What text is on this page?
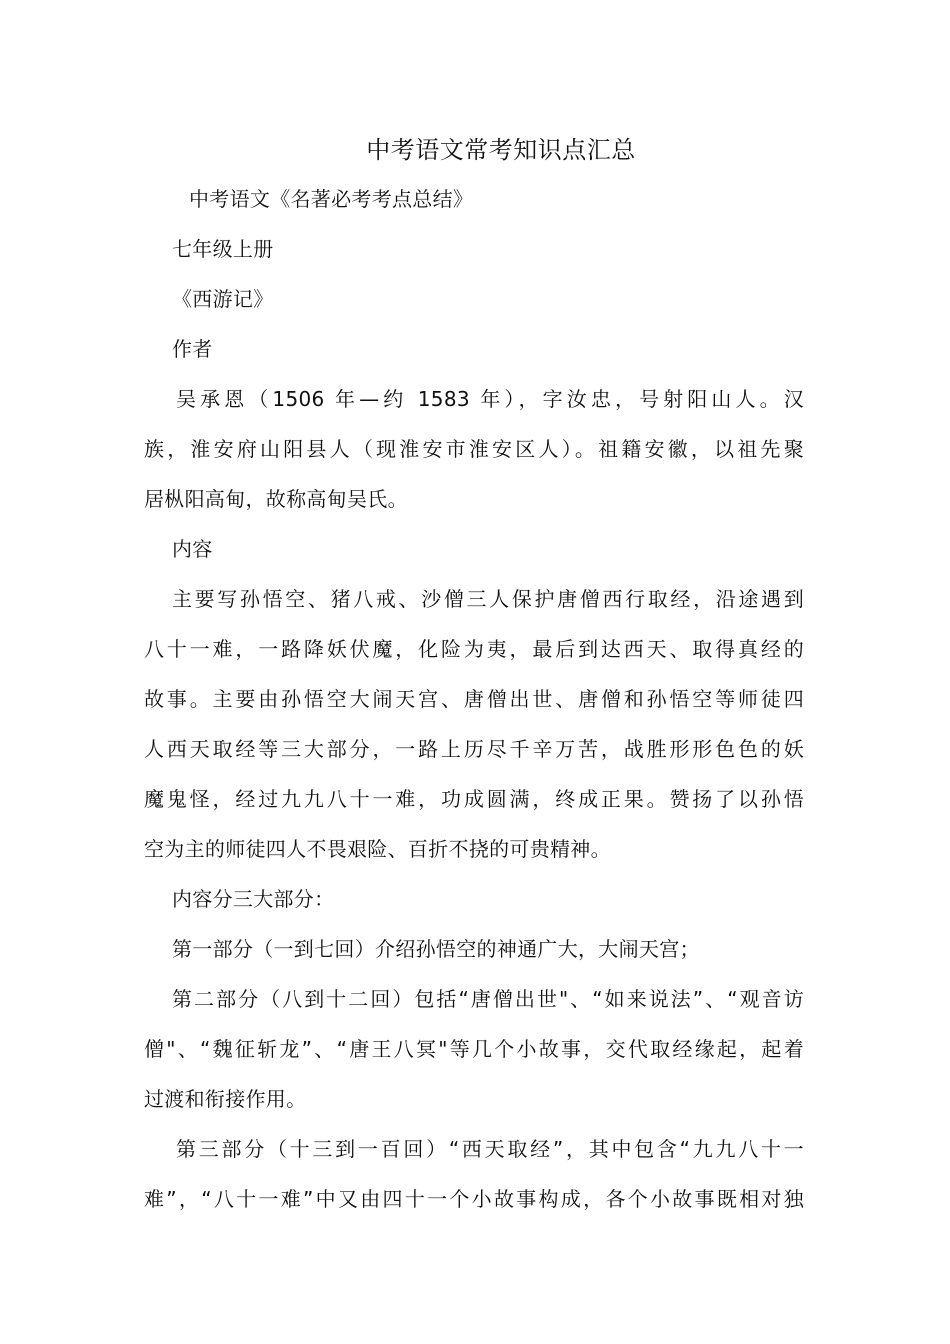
中考语文常考知识点汇总
中考语文《名著必考考点总结》
七年级上册
《西游记》
作者
吴承恩（1506 年—约 1583 年），字汝忠，号射阳山人。汉
族，淮安府山阳县人（现淮安市淮安区人）。祖籍安徽，以祖先聚
居枞阳高甸，故称高甸吴氏。
内容
主要写孙悟空、猪八戒、沙僧三人保护唐僧西行取经，沿途遇到
八十一难，一路降妖伏魔，化险为夷，最后到达西天、取得真经的
故事。主要由孙悟空大闹天宫、唐僧出世、唐僧和孙悟空等师徒四
人西天取经等三大部分，一路上历尽千辛万苦，战胜形形色色的妖
魔鬼怪，经过九九八十一难，功成圆满，终成正果。赞扬了以孙悟
空为主的师徒四人不畏艰险、百折不挠的可贵精神。
内容分三大部分：
第一部分（一到七回）介绍孙悟空的神通广大，大闹天宫；
第二部分（八到十二回）包括“唐僧出世"、“如来说法”、“观音访
僧"、“魏征斩龙”、“唐王八冥"等几个小故事，交代取经缘起，起着
过渡和衔接作用。
第三部分（十三到一百回）“西天取经”，其中包含“九九八十一
难”，“八十一难”中又由四十一个小故事构成，各个小故事既相对独
